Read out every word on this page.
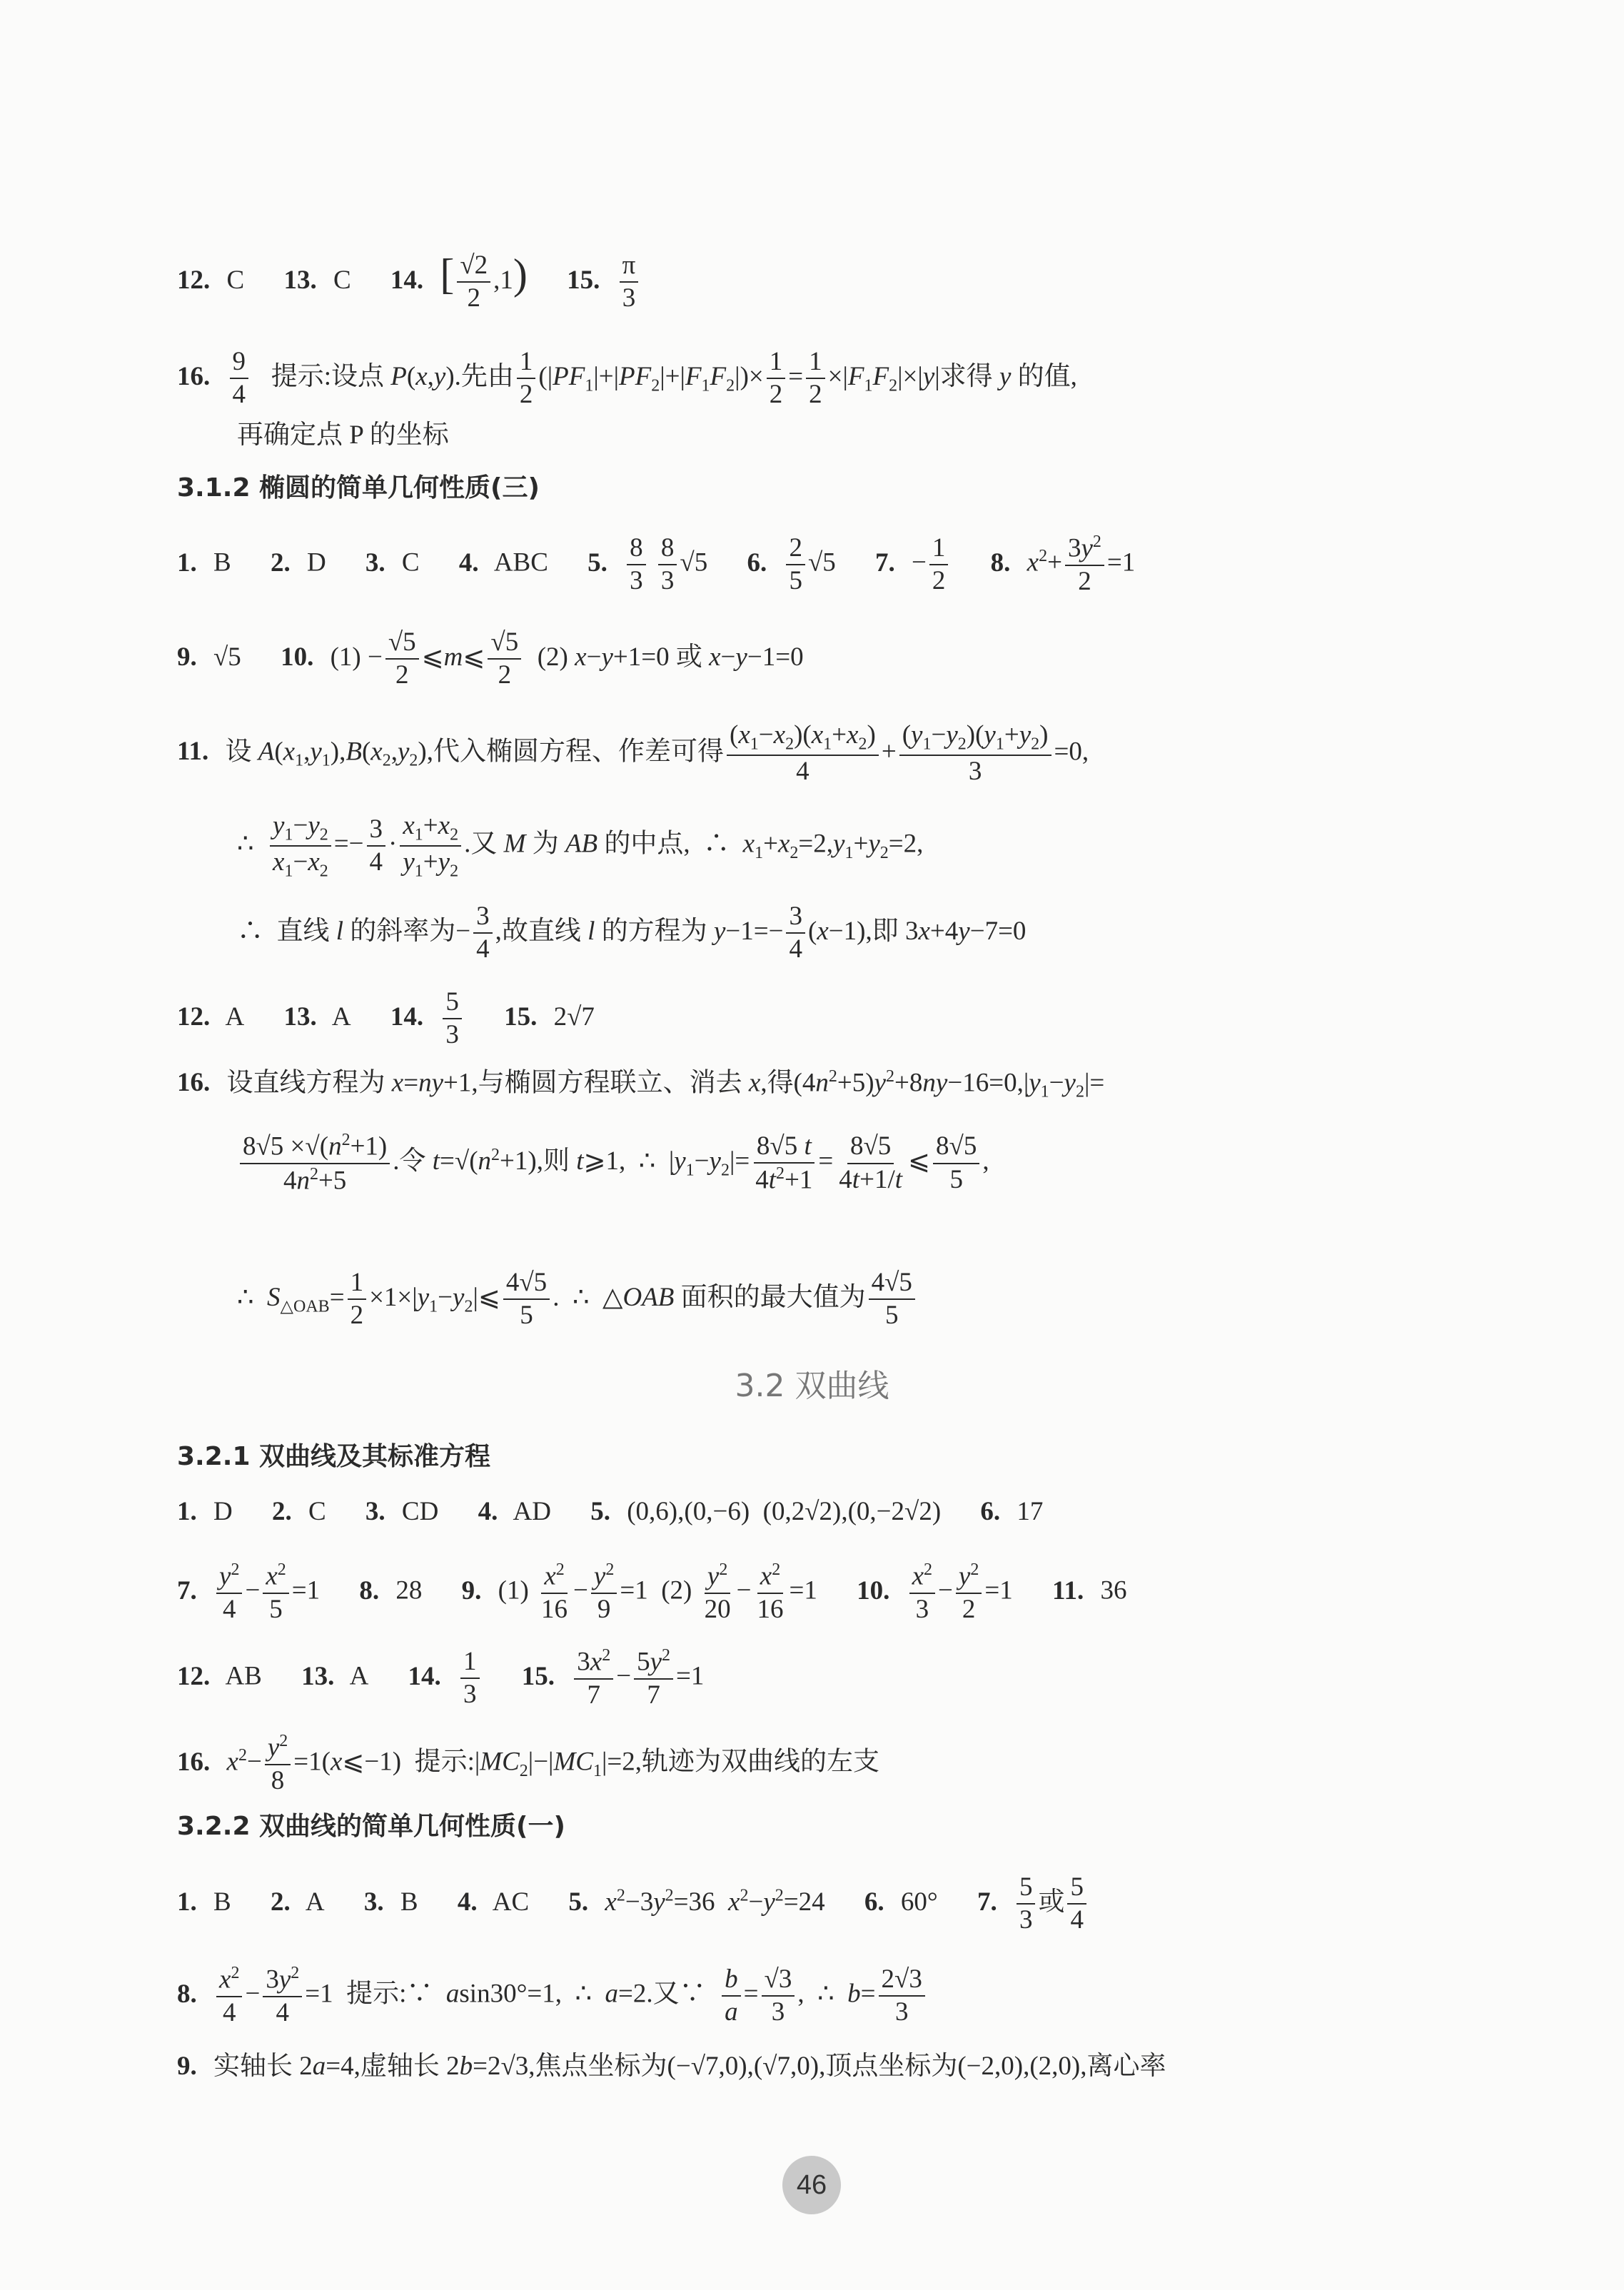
12. C 13. C 14. [ $\frac{√2}{2} ,1$) 15. $\frac{\pi}{3}$
16. $\frac{9}{4}$ 提示:设点 P(x,y).先由 $\frac{1}{2} (|PF_1|+|PF_2|+|F_1F_2|)\times \frac{1}{2} = \frac{1}{2} \times|F_1F_2|\times|y|$求得 y 的值,
再确定点 P 的坐标
3.1.2 椭圆的简单几何性质(三)
1. B 2. D 3. C 4. ABC 5. $\frac{8}{3}$
$\frac{8}{3} √5$ 6. $\frac{2}{5} √5$ 7. − $\frac{1}{2} 8$. $x^2+ \frac{3y^2}{2} =1$
9. √5 10. $(1) - \frac{√5}{2}$ ⩽m⩽ $\frac{√5}{2} (2)$ x−y+1=0 或 x−y−1=0
11. 设 $A(x_1,y_1),B(x_2,y_2)$,代入椭圆方程、作差可得 $\frac{(x_1-x_2)(x_1+x_2)}{4} + \frac{(y_1-y_2)(y_1+y_2)}{3} =0$,
∴ $\frac{y_1-y_2}{x_1-x_2} =- \frac{3}{4} \cdot \frac{x_1+x_2}{y_1+y_2}$ .又 M 为 AB 的中点,  ∴  $x_1+x_2=2,y_1+y_2=2$,
∴  直线 l 的斜率为− $\frac{3}{4}$ ,故直线 l 的方程为 $y-1=- \frac{3}{4} (x-1)$,即 3x+4y−7=0
12. A 13. A 14. $\frac{5}{3} 15$. 2√7
16. 设直线方程为 x=ny+1,与椭圆方程联立、消去 x,得$(4n^2+5)y^2+8ny-16=0,|y_1-y_2|=$
$\frac{8√5 \times√(n^2+1)}{4n^2+5}$ .令 $t=√(n^2+1)$,则 t⩾1,  ∴  $|y_1-y_2|= \frac{8√5 t}{4t^2+1} = \frac{8√5}{4t+1/t}$ ⩽ $\frac{8√5}{5}$ ,
∴  $S_{\triangle OAB}= \frac{1}{2}$ $\times 1\times|y_1-y_2|⩽ \frac{4√5}{5}$ .  ∴  △OAB 面积的最大值为 $\frac{4√5}{5}$
3.2 双曲线
3.2.1 双曲线及其标准方程
1. D 2. C 3. CD 4. AD 5. (0,6),(0,−6)  (0,2√2),(0,−2√2) 6. 17
7. $\frac{y^2}{4} - \frac{x^2}{5} =1$ 8. 28 9. $(1) \frac{x^2}{16} - \frac{y^2}{9} =1$  $(2) \frac{y^2}{20} - \frac{x^2}{16} =1$ 10. $\frac{x^2}{3} - \frac{y^2}{2} =1$ 11. 36
12. AB 13. A 14. $\frac{1}{3} 15$. $\frac{3x^2}{7} - \frac{5y^2}{7} =1$
16. $x^2- \frac{y^2}{8}$ =1(x⩽−1)  提示$:|MC_2|-|MC_1|=2$,轨迹为双曲线的左支
3.2.2 双曲线的简单几何性质(一)
1. B 2. A 3. B 4. AC 5. $x^2-3y^2=36$  $x^2-y^2=24$ 6. 60° 7. $\frac{5}{3}$ 或 $\frac{5}{4}$
8. $\frac{x^2}{4} - \frac{3y^2}{4} =1$  提示:∵  asin30°=1,  ∴  a=2.又∵ $\frac{b}{a} = \frac{√3}{3}$ ,  ∴  $b= \frac{2√3}{3}$
9. 实轴长 2a=4,虚轴长 2b=2√3,焦点坐标为(−√7,0),(√7,0),顶点坐标为(−2,0),(2,0),离心率
46
